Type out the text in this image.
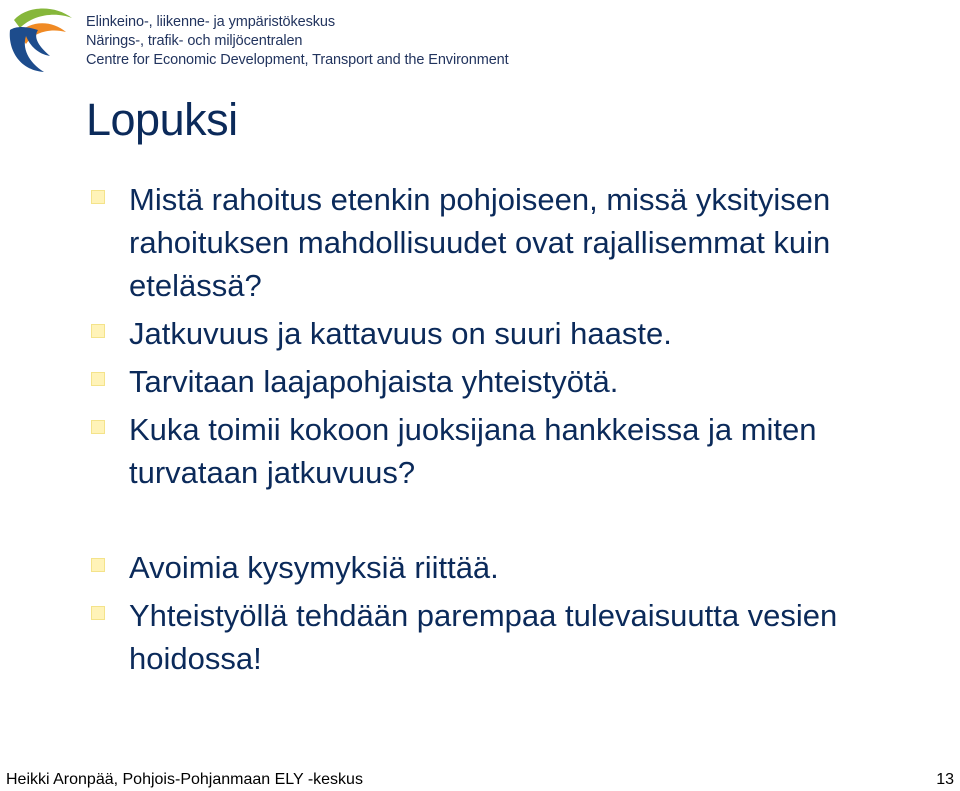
Elinkeino-, liikenne- ja ympäristökeskus
Närings-, trafik- och miljöcentralen
Centre for Economic Development, Transport and the Environment
Lopuksi
Mistä rahoitus etenkin pohjoiseen, missä yksityisen rahoituksen mahdollisuudet ovat rajallisemmat kuin etelässä?
Jatkuvuus ja kattavuus on suuri haaste.
Tarvitaan laajapohjaista yhteistyötä.
Kuka toimii kokoon juoksijana hankkeissa ja miten turvataan jatkuvuus?
Avoimia kysymyksiä riittää.
Yhteistyöllä tehdään parempaa tulevaisuutta vesien hoidossa!
Heikki Aronpää, Pohjois-Pohjanmaan ELY -keskus	13
